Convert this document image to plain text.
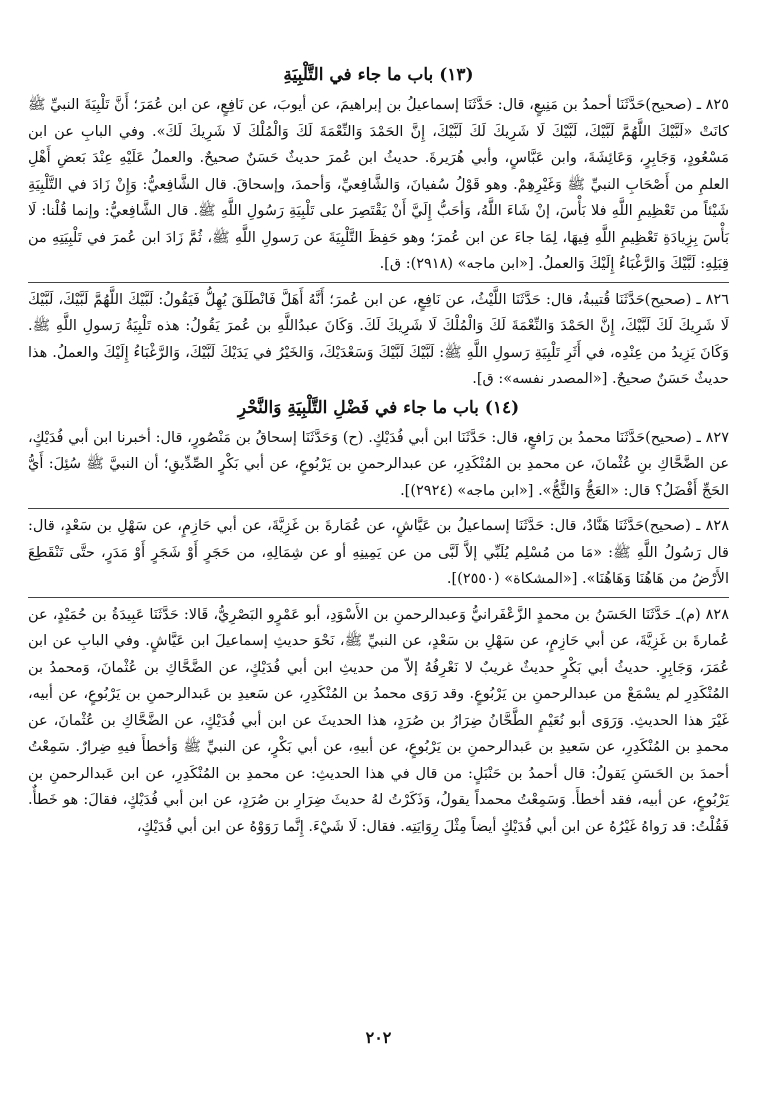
(١٣) باب ما جاء في التَّلْبِيَةِ

٨٢٥ ـ (صحيح)حَدَّثَنَا أحمدُ بن مَنِيعٍ، قال: حَدَّثَنَا إسماعيلُ بن إبراهيمَ، عن أيوبَ، عن نَافِعٍ، عن ابن عُمَرَ؛ أَنَّ تَلْبِيَةَ النبيِّ ﷺ كانَتْ «لَبَّيْكَ اللَّهُمَّ لَبَّيْكَ، لَبَّيْكَ لَا شَرِيكَ لَكَ لَبَّيْكَ، إِنَّ الحَمْدَ وَالنِّعْمَةَ لَكَ وَالْمُلْكَ لَا شَرِيكَ لَكَ». وفي البابِ عن ابن مَسْعُودٍ، وَجَابِرٍ، وَعَائِشَةَ، وابن عَبَّاسٍ، وأبي هُرَيرةَ. حديثُ ابن عُمرَ حديثٌ حَسَنٌ صحيحٌ. والعملُ عَلَيْهِ عِنْدَ بَعضِ أَهْلِ العلمِ من أَصْحَابِ النبيِّ ﷺ وَغَيْرِهِمْ. وهو قَوْلُ سُفيانَ، وَالشَّافِعيِّ، وَأحمدَ، وإسحاقَ. قال الشَّافِعيُّ: وَإِنْ زَادَ في التَّلْبِيَةِ شَيْئاً من تَعْظِيمِ اللَّهِ فلا بَأْسَ، إنْ شَاءَ اللَّهُ، وَأحَبُّ إِلَيَّ أَنْ يَقْتَصِرَ على تَلْبِيَةِ رَسُولِ اللَّهِ ﷺ. قال الشَّافِعيُّ: وإنما قُلْنا: لَا بَأْسَ بِزِيادَةِ تَعْظِيمِ اللَّهِ فِيهَا، لِمَا جاءَ عن ابن عُمرَ؛ وهو حَفِظَ التَّلْبِيَةَ عن رَسولِ اللَّهِ ﷺ، ثُمَّ زَادَ ابن عُمرَ في تَلْبِيَتِهِ من قِبَلِهِ: لَبَّيْكَ وَالرَّغْبَاءُ إِلَيْكَ وَالعملُ. [«ابن ماجه» (٢٩١٨): ق].

٨٢٦ ـ (صحيح)حَدَّثَنَا قُتيبةُ، قال: حَدَّثَنَا اللَّيْثُ، عن نَافِعٍ، عن ابن عُمرَ؛ أَنَّهُ أَهَلَّ فَانْطَلَقَ يُهِلُّ فَيَقُولُ: لَبَّيْكَ اللَّهُمَّ لَبَّيْكَ، لَبَّيْكَ لَا شَرِيكَ لَكَ لَبَّيْكَ، إِنَّ الحَمْدَ وَالنِّعْمَةَ لَكَ وَالْمُلْكَ لَا شَرِيكَ لَكَ. وَكَانَ عبدُاللَّهِ بن عُمرَ يَقُولُ: هذه تَلْبِيَةُ رَسولِ اللَّهِ ﷺ. وَكَانَ يَزِيدُ من عِنْدِه، في أَثَرِ تَلْبِيَةِ رَسولِ اللَّهِ ﷺ: لَبَّيْكَ لَبَّيْكَ وَسَعْدَيْكَ، وَالخَيْرُ في يَدَيْكَ لَبَّيْكَ، وَالرَّغْبَاءُ إِلَيْكَ والعملُ. هذا حديثٌ حَسَنٌ صحيحٌ. [«المصدر نفسه»: ق].

(١٤) باب ما جاء في فَضْلِ التَّلْبِيَةِ وَالنَّحْرِ

٨٢٧ ـ (صحيح)حَدَّثَنَا محمدُ بن رَافعٍ، قال: حَدَّثَنَا ابن أبي فُدَيْكٍ. (ح) وَحَدَّثَنَا إسحاقُ بن مَنْصُورٍ، قال: أخبرنا ابن أبي فُدَيْكٍ، عن الضَّحَّاكِ بنِ عُثْمانَ، عن محمدِ بن المُنْكَدِرِ، عن عبدالرحمنِ بن يَرْبُوعٍ، عن أبي بَكْرٍ الصِّدِّيقِ؛ أن النبيَّ ﷺ سُئِلَ: أَيُّ الحَجِّ أَفْضَلُ؟ قال: «العَجُّ وَالثَّجُّ». [«ابن ماجه» (٢٩٢٤)].

٨٢٨ ـ (صحيح)حَدَّثَنَا هَنَّادٌ، قال: حَدَّثَنَا إسماعيلُ بن عَيَّاشٍ، عن عُمَارةَ بن غَزِيَّةَ، عن أبي حَازِمٍ، عن سَهْلِ بن سَعْدٍ، قال: قال رَسُولُ اللَّهِ ﷺ: «مَا من مُسْلِم يُلَبِّي إلاَّ لَبَّى من عن يَمِينِهِ أو عن شِمَالِهِ، من حَجَرٍ أَوْ شَجَرٍ أَوْ مَدَرٍ، حتَّى تَنْقَطِعَ الأَرْضُ من هَاهُنَا وَهَاهُنَا». [«المشكاة» (٢٥٥٠)].

٨٢٨ (م)ـ حَدَّثَنَا الحَسَنُ بن محمدٍ الزَّعْفَرانيُّ وَعبدالرحمنِ بن الأَسْوَدِ، أبو عَمْرٍو البَصْرِيُّ، قَالا: حَدَّثَنَا عَبِيدَةُ بن حُمَيْدٍ، عن عُمارةَ بن غَزِيَّةَ، عن أبي حَازِمٍ، عن سَهْلِ بن سَعْدٍ، عن النبيِّ ﷺ، نَحْوَ حديثِ إسماعيلَ ابن عَيَّاشٍ. وفي البابِ عن ابن عُمَرَ، وَجَابِرٍ. حديثُ أبي بَكْرٍ حديثٌ غريبٌ لا نَعْرِفُهُ إلاّ من حديثِ ابن أبي فُدَيْكٍ، عن الضَّحَّاكِ بن عُثْمانَ، وَمحمدُ بن المُنْكَدِرِ لم يسْمَعْ من عبدالرحمنِ بن يَرْبُوعٍ. وقد رَوَى محمدُ بن المُنْكَدِرِ، عن سَعيدِ بن عَبدالرحمنِ بن يَرْبُوعٍ، عن أبيه، غَيْرَ هذا الحديثِ. وَرَوَى أبو نُعَيْمٍ الطَّحَّانُ ضِرَارُ بن صُرَدٍ، هذا الحديثَ عن ابن أبي فُدَيْكٍ، عن الضَّحَّاكِ بن عُثْمانَ، عن محمدِ بن المُنْكَدِرِ، عن سَعيدِ بن عَبدالرحمنِ بن يَرْبُوعٍ، عن أبيهِ، عن أبي بَكْرٍ، عن النبيِّ ﷺ وَأخطأَ فيهِ ضِرارٌ. سَمِعْتُ أحمدَ بن الحَسَنِ يَقولُ: قال أحمدُ بن حَنْبَلٍ: من قال في هذا الحديثِ: عن محمدِ بن المُنْكَدِرِ، عن ابن عَبدالرحمنِ بن يَرْبُوعٍ، عن أبيه، فقد أخطأَ. وَسَمِعْتُ محمداً يقولُ، وَذَكَرْتُ لهُ حديثَ ضِرَارِ بن صُرَدٍ، عن ابن أبي فُدَيْكٍ، فقالَ: هو خَطأٌ. فَقُلْتُ: قد رَواهُ غَيْرُهُ عن ابن أبي فُدَيْكٍ أيضاً مِثْلَ رِوَايَتِه. فقال: لَا شَيْءَ. إِنَّما رَوَوْهُ عن ابن أبي فُدَيْكٍ،

٢٠٢
